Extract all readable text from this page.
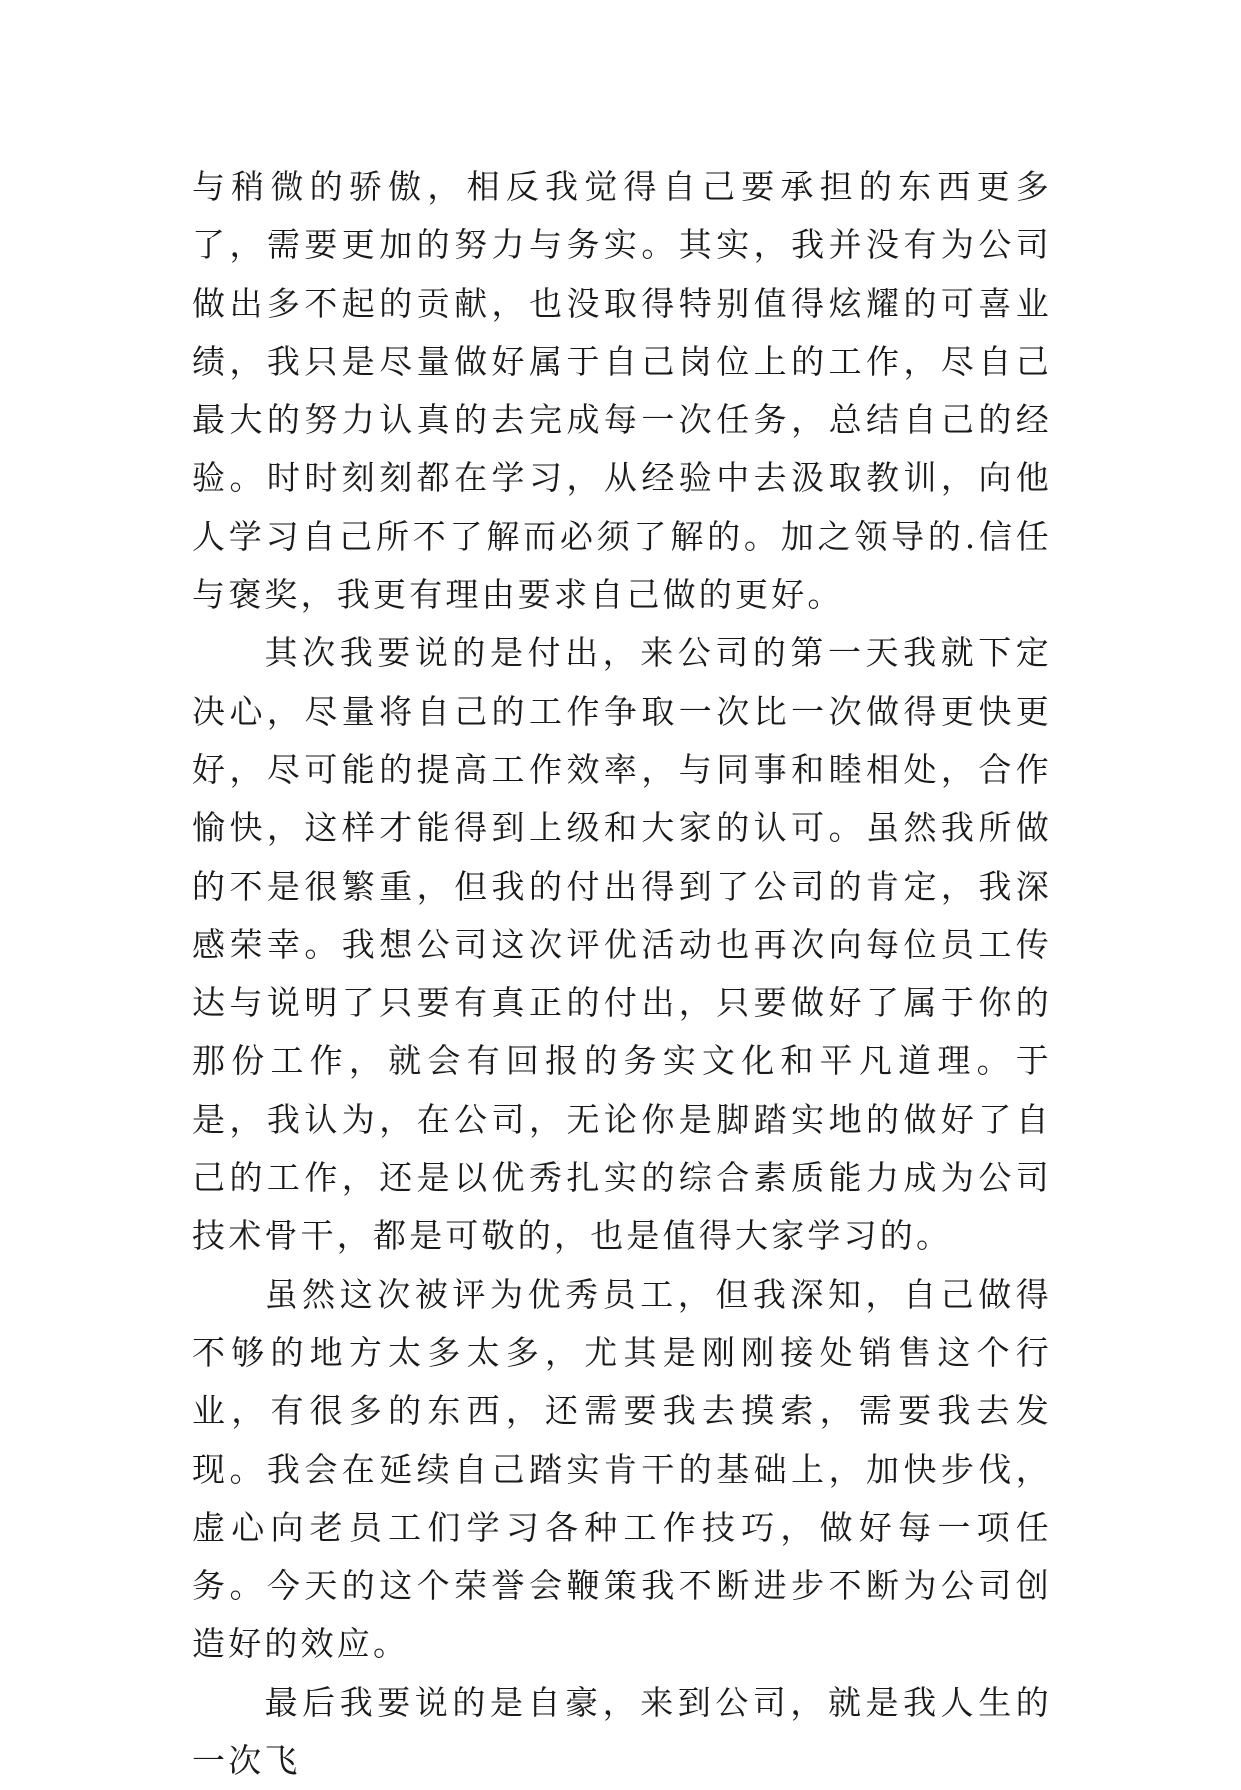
与稍微的骄傲，相反我觉得自己要承担的东西更多了，需要更加的努力与务实。其实，我并没有为公司做出多不起的贡献，也没取得特别值得炫耀的可喜业绩，我只是尽量做好属于自己岗位上的工作，尽自己最大的努力认真的去完成每一次任务，总结自己的经验。时时刻刻都在学习，从经验中去汲取教训，向他人学习自己所不了解而必须了解的。加之领导的.信任与褒奖，我更有理由要求自己做的更好。

其次我要说的是付出，来公司的第一天我就下定决心，尽量将自己的工作争取一次比一次做得更快更好，尽可能的提高工作效率，与同事和睦相处，合作愉快，这样才能得到上级和大家的认可。虽然我所做的不是很繁重，但我的付出得到了公司的肯定，我深感荣幸。我想公司这次评优活动也再次向每位员工传达与说明了只要有真正的付出，只要做好了属于你的那份工作，就会有回报的务实文化和平凡道理。于是，我认为，在公司，无论你是脚踏实地的做好了自己的工作，还是以优秀扎实的综合素质能力成为公司技术骨干，都是可敬的，也是值得大家学习的。

虽然这次被评为优秀员工，但我深知，自己做得不够的地方太多太多，尤其是刚刚接处销售这个行业，有很多的东西，还需要我去摸索，需要我去发现。我会在延续自己踏实肯干的基础上，加快步伐，虚心向老员工们学习各种工作技巧，做好每一项任务。今天的这个荣誉会鞭策我不断进步不断为公司创造好的效应。

最后我要说的是自豪，来到公司，就是我人生的一次飞
